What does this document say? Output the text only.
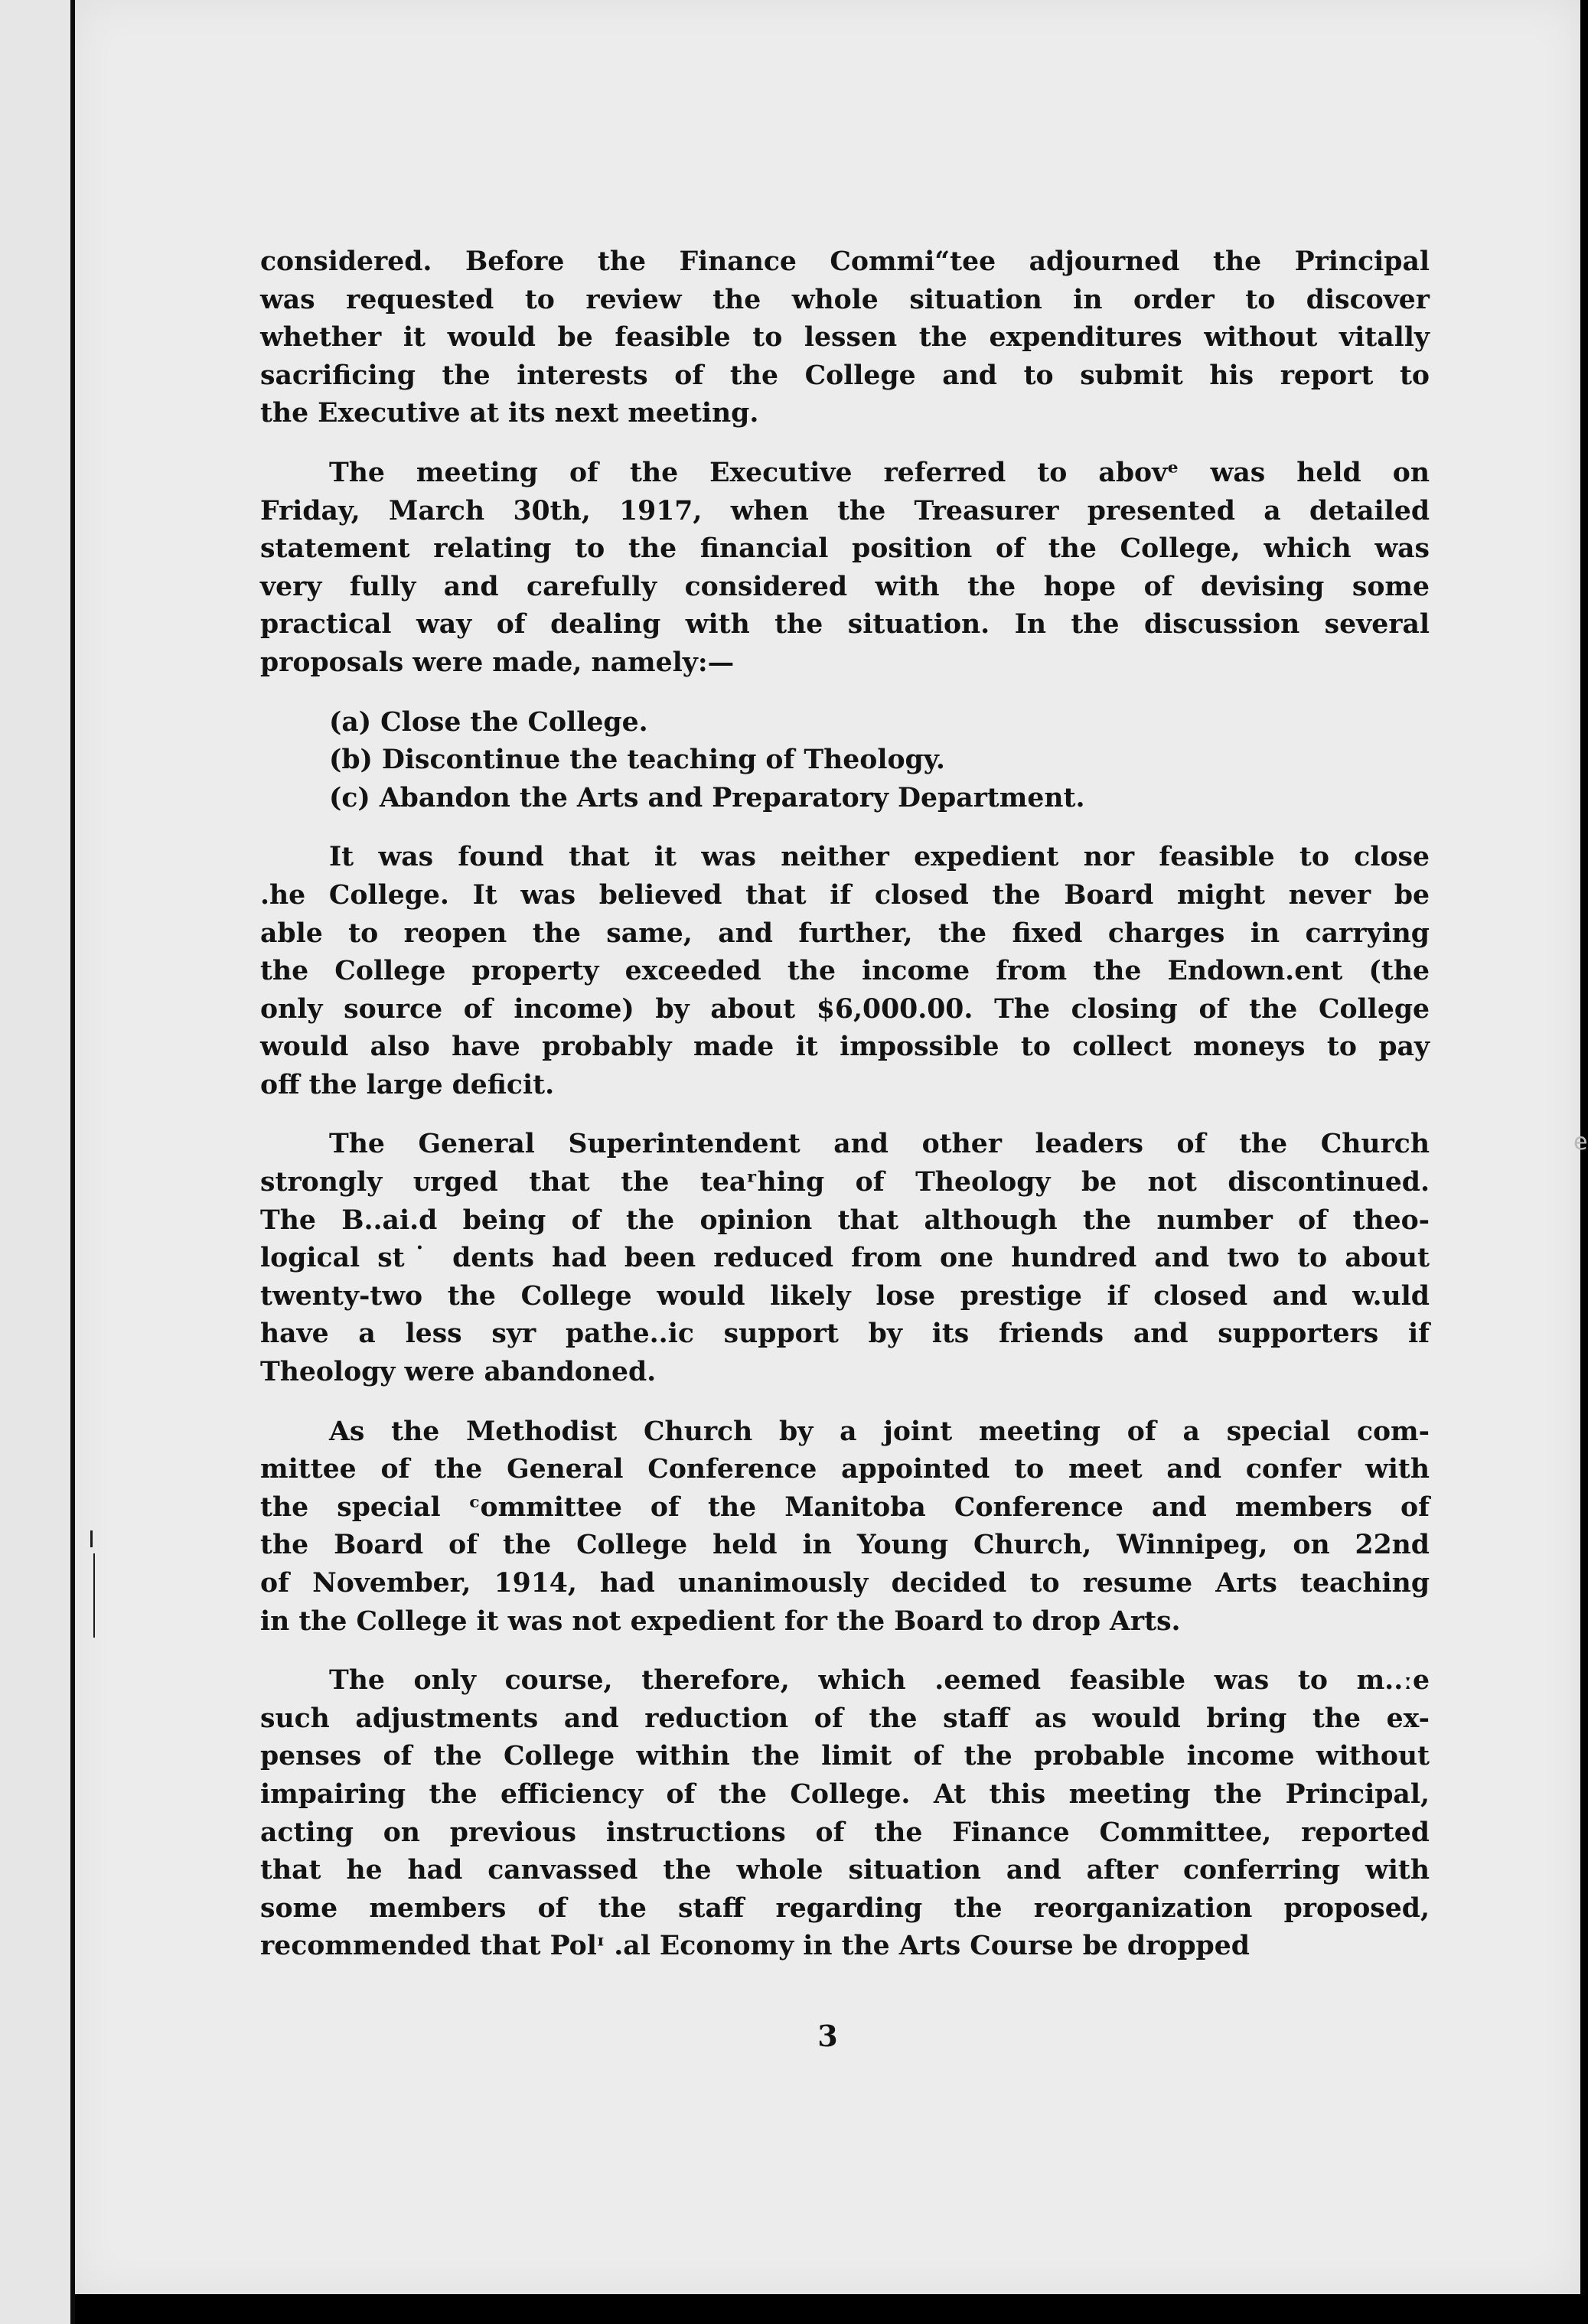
e
considered. Before the Finance Commi“tee adjourned the Principal
was requested to review the whole situation in order to discover
whether it would be feasible to lessen the expenditures without vitally
sacrificing the interests of the College and to submit his report to
the Executive at its next meeting.
The meeting of the Executive referred to abovᵉ was held on
Friday, March 30th, 1917, when the Treasurer presented a detailed
statement relating to the financial position of the College, which was
very fully and carefully considered with the hope of devising some
practical way of dealing with the situation. In the discussion several
proposals were made, namely:—
(a) Close the College.
(b) Discontinue the teaching of Theology.
(c) Abandon the Arts and Preparatory Department.
It was found that it was neither expedient nor feasible to close
.he College. It was believed that if closed the Board might never be
able to reopen the same, and further, the fixed charges in carrying
the College property exceeded the income from the Endown.ent (the
only source of income) by about $6,000.00. The closing of the College
would also have probably made it impossible to collect moneys to pay
off the large deficit.
The General Superintendent and other leaders of the Church
strongly ᴜrged that the teaʳhing of Theology be not discontinued.
The B..ai.d being of the opinion that although the number of theo-
logical st˙ dents had been reduced from one hundred and two to about
twenty-two the College would likely lose prestige if closed and w.uld
have a less syr pathe..ic support by its friends and supporters if
Theology were abandoned.
As the Methodist Church by a joint meeting of a special com-
mittee of the General Conference appointed to meet and confer with
the special ᶜommittee of the Manitoba Conference and members of
the Board of the College held in Young Church, Winnipeg, on 22nd
of November, 1914, had unanimously decided to resume Arts teaching
in the College it was not expedient for the Board to drop Arts.
The only course, therefore, which .eemed feasible was to m..ːe
such adjustments and reduction of the staff as would bring the ex-
penses of the College within the limit of the probable income without
impairing the efficiency of the College. At this meeting the Principal,
acting on previous instructions of the Finance Committee, reported
that he had canvassed the whole situation and after conferring with
some members of the staff regarding the reorganization proposed,
recommended that Polᶦ .al Economy in the Arts Course be dropped
3
